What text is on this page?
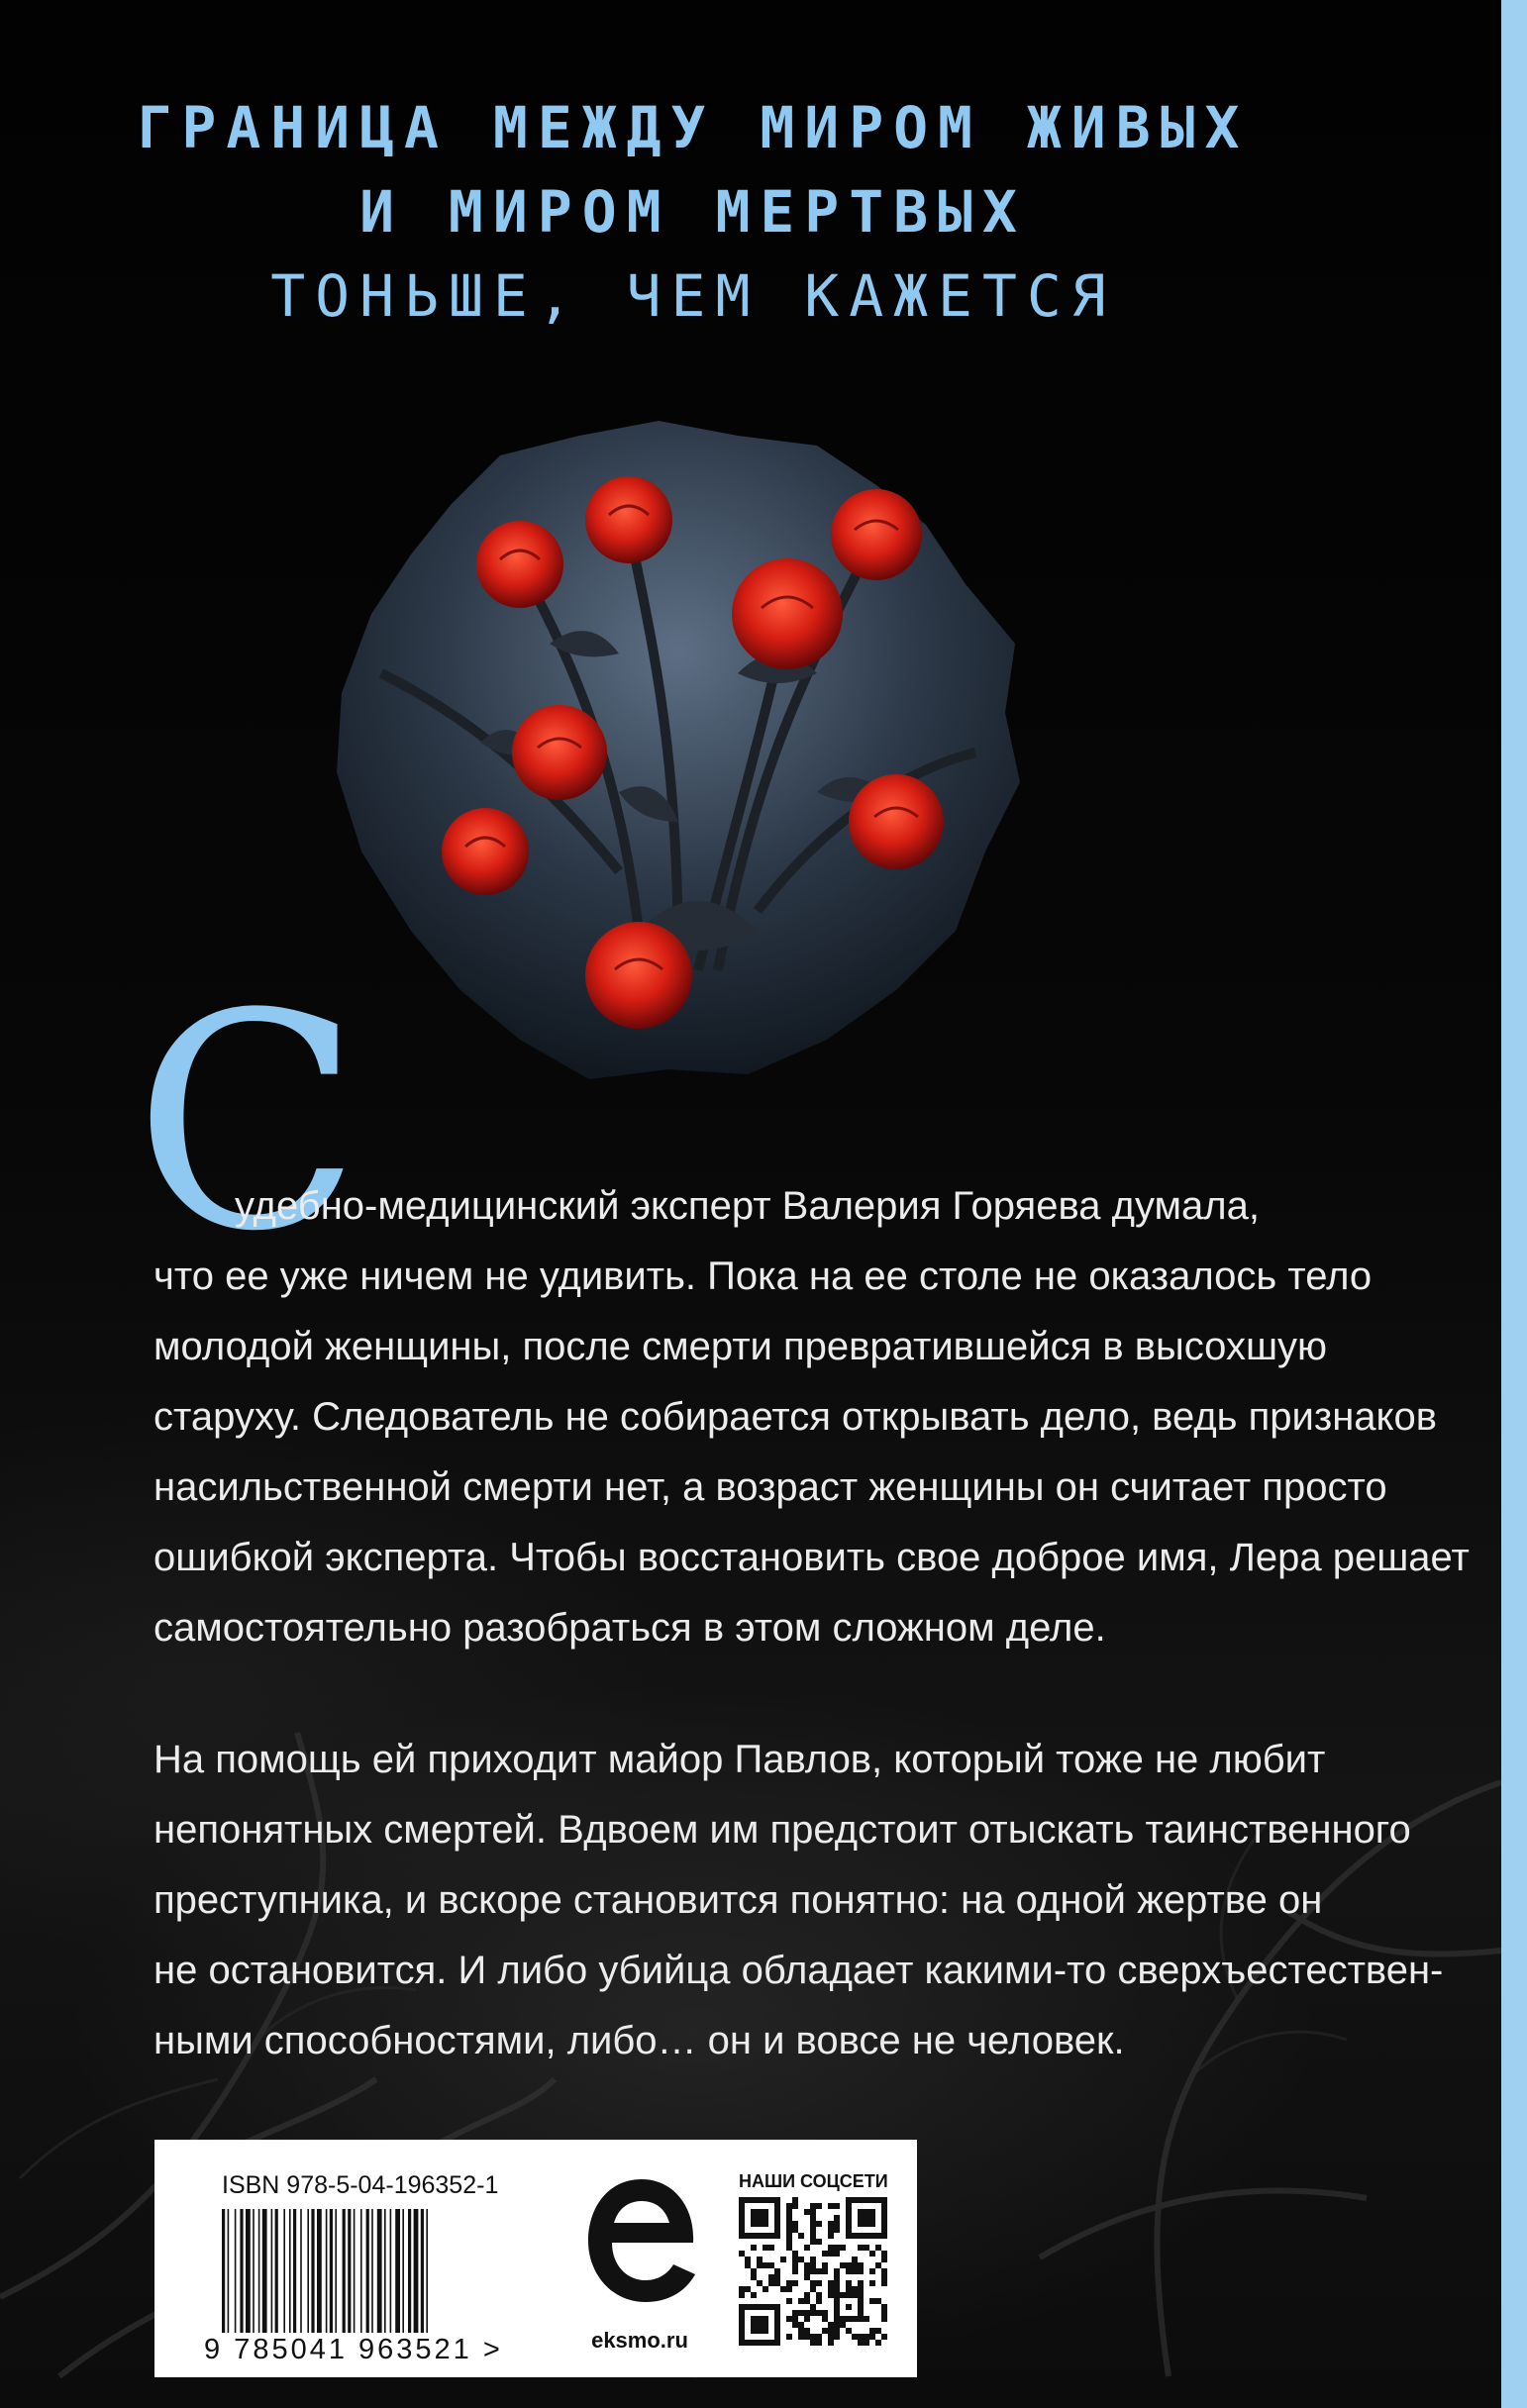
ГРАНИЦА МЕЖДУ МИРОМ ЖИВЫХ
И МИРОМ МЕРТВЫХ
ТОНЬШЕ, ЧЕМ КАЖЕТСЯ
С

удебно-медицинский эксперт Валерия Горяева думала,

что ее уже ничем не удивить. Пока на ее столе не оказалось тело

молодой женщины, после смерти превратившейся в высохшую

старуху. Следователь не собирается открывать дело, ведь признаков

насильственной смерти нет, а возраст женщины он считает просто

ошибкой эксперта. Чтобы восстановить свое доброе имя, Лера решает

самостоятельно разобраться в этом сложном деле.

На помощь ей приходит майор Павлов, который тоже не любит

непонятных смертей. Вдвоем им предстоит отыскать таинственного

преступника, и вскоре становится понятно: на одной жертве он

не остановится. И либо убийца обладает какими-то сверхъестествен-

ными способностями, либо… он и вовсе не человек.

ISBN 978-5-04-196352-1
9 785041 963521 >	eksmo.ru
НАШИ СОЦСЕТИ
